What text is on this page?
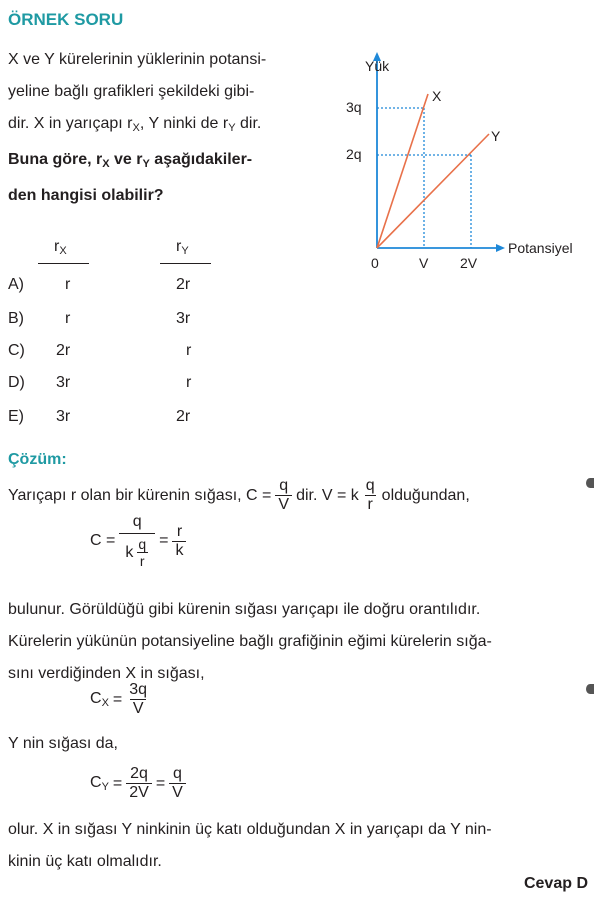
ÖRNEK SORU
X ve Y kürelerinin yüklerinin potansi-
yeline bağlı grafikleri şekildeki gibi-
dir. X in yarıçapı $r_X$, Y ninki de $r_Y$ dir.
Buna göre, $r_X$ ve $r_Y$ aşağıdakiler-
den hangisi olabilir?
$r_X$	$r_Y$
A)	r	2r
B)	r	3r
C) 2r	r
D) 3r	r
E) 3r	2r
Yük
Potansiyel
3q
2q
0	V 2V
X
Y
Çözüm:
Yarıçapı r olan bir kürenin sığası, $C = \frac{q}{V}$ dir. V = k $\frac{q}{r}$ olduğundan,
$C = \frac{q}{k \frac{q}{r}} = \frac{r}{k}$
bulunur. Görüldüğü gibi kürenin sığası yarıçapı ile doğru orantılıdır.
Kürelerin yükünün potansiyeline bağlı grafiğinin eğimi kürelerin sığa-
sını verdiğinden X in sığası,
$C_X = \frac{3q}{V}$
Y nin sığası da,
$C_Y = \frac{2q}{2V} = \frac{q}{V}$
olur. X in sığası Y ninkinin üç katı olduğundan X in yarıçapı da Y nin-
kinin üç katı olmalıdır.
Cevap D
